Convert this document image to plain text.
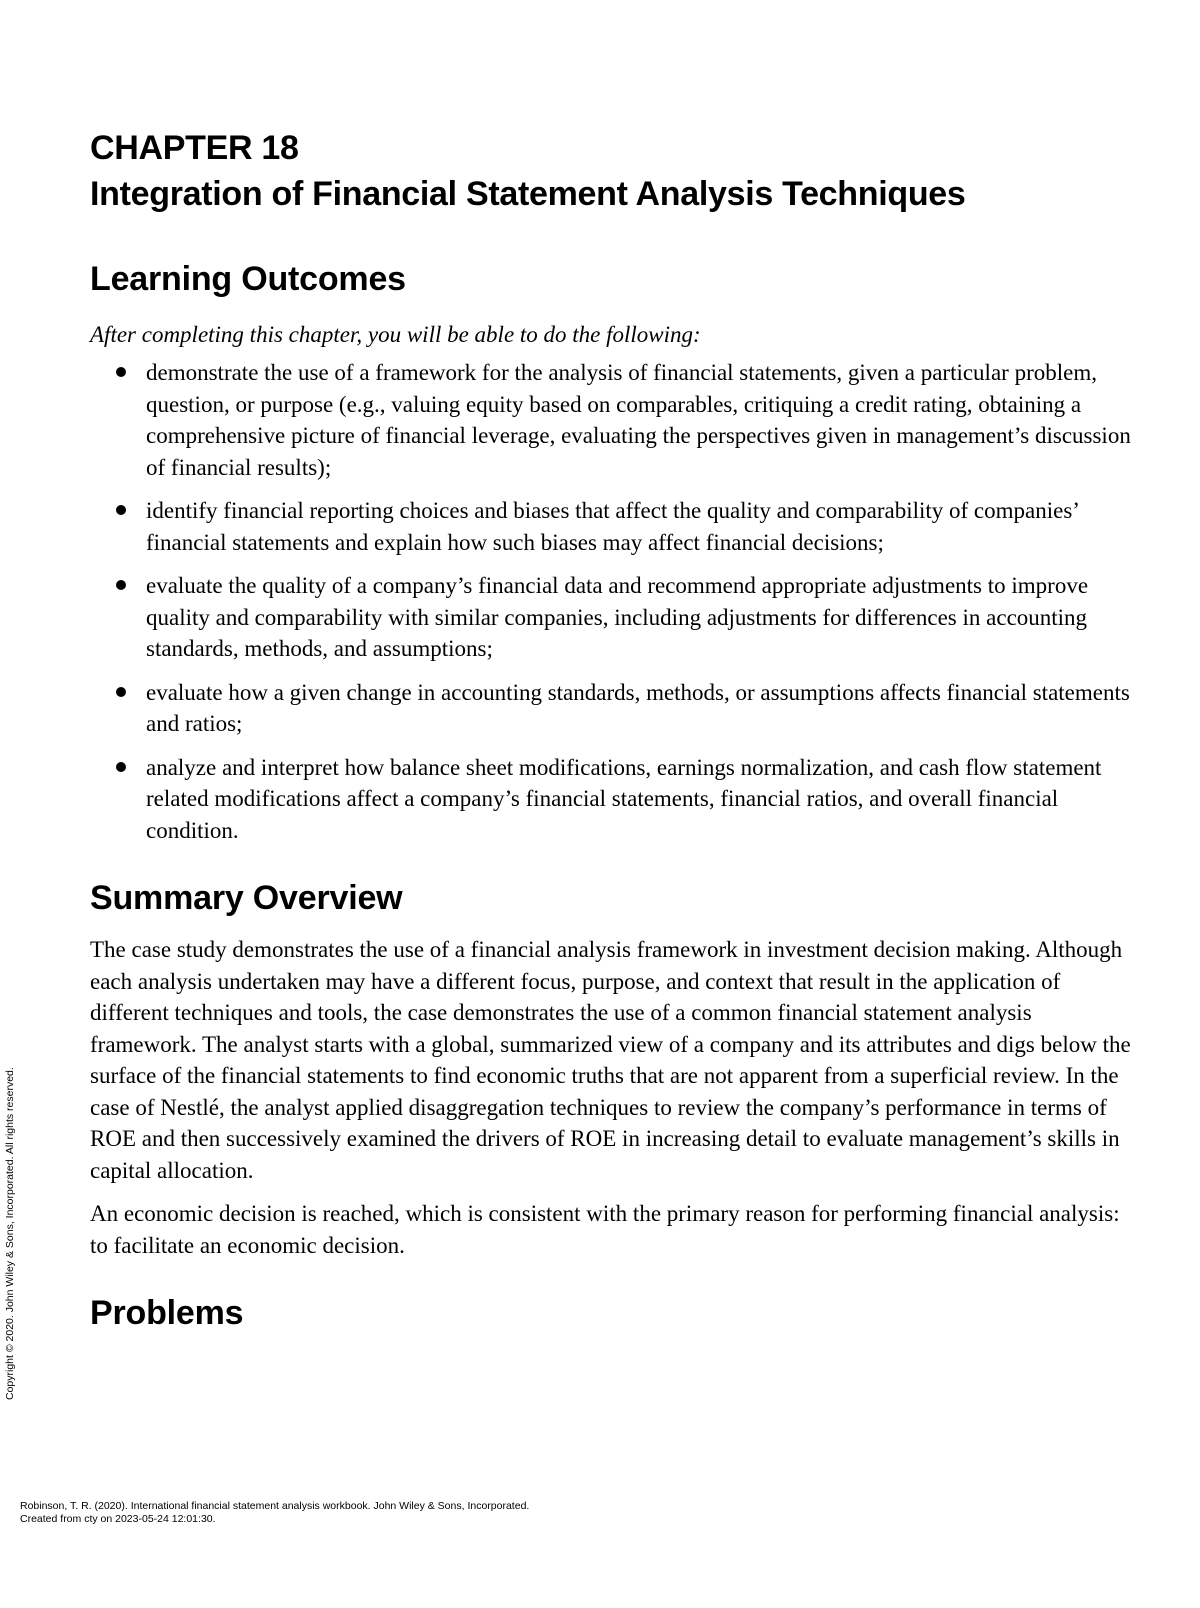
Copyright © 2020. John Wiley & Sons, Incorporated. All rights reserved.
CHAPTER 18
Integration of Financial Statement Analysis Techniques
Learning Outcomes

After completing this chapter, you will be able to do the following:

demonstrate the use of a framework for the analysis of financial statements, given a particular problem, question, or purpose (e.g., valuing equity based on comparables, critiquing a credit rating, obtaining a comprehensive picture of financial leverage, evaluating the perspectives given in management’s discussion of financial results);
identify financial reporting choices and biases that affect the quality and comparability of companies’ financial statements and explain how such biases may affect financial decisions;
evaluate the quality of a company’s financial data and recommend appropriate adjustments to improve quality and comparability with similar companies, including adjustments for differences in accounting standards, methods, and assumptions;
evaluate how a given change in accounting standards, methods, or assumptions affects financial statements and ratios;
analyze and interpret how balance sheet modifications, earnings normalization, and cash flow statement related modifications affect a company’s financial statements, financial ratios, and overall financial condition.
Summary Overview

The case study demonstrates the use of a financial analysis framework in investment decision making. Although each analysis undertaken may have a different focus, purpose, and context that result in the application of different techniques and tools, the case demonstrates the use of a common financial statement analysis framework. The analyst starts with a global, summarized view of a company and its attributes and digs below the surface of the financial statements to find economic truths that are not apparent from a superficial review. In the case of Nestlé, the analyst applied disaggregation techniques to review the company’s performance in terms of ROE and then successively examined the drivers of ROE in increasing detail to evaluate management’s skills in capital allocation.

An economic decision is reached, which is consistent with the primary reason for performing financial analysis: to facilitate an economic decision.

Problems
Robinson, T. R. (2020). International financial statement analysis workbook. John Wiley & Sons, Incorporated.
Created from cty on 2023-05-24 12:01:30.
